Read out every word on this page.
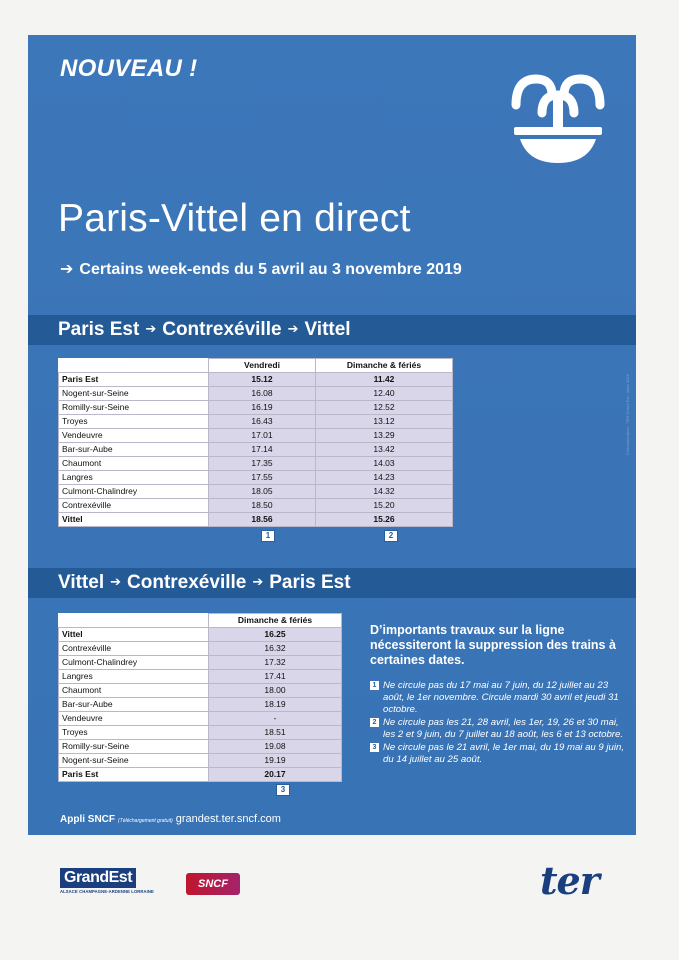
NOUVEAU !
Paris-Vittel en direct
➔ Certains week-ends du 5 avril au 3 novembre 2019
Paris Est ➔ Contrexéville ➔ Vittel
	Vendredi	Dimanche & fériés
Paris Est	15.12	11.42
Nogent-sur-Seine	16.08	12.40
Romilly-sur-Seine	16.19	12.52
Troyes	16.43	13.12
Vendeuvre	17.01	13.29
Bar-sur-Aube	17.14	13.42
Chaumont	17.35	14.03
Langres	17.55	14.23
Culmont-Chalindrey	18.05	14.32
Contrexéville	18.50	15.20
Vittel	18.56	15.26
1	2
Communication - TER Grand Est - Mars 2019
Vittel ➔ Contrexéville ➔ Paris Est
	Dimanche & fériés
Vittel	16.25
Contrexéville	16.32
Culmont-Chalindrey	17.32
Langres	17.41
Chaumont	18.00
Bar-sur-Aube	18.19
Vendeuvre	-
Troyes	18.51
Romilly-sur-Seine	19.08
Nogent-sur-Seine	19.19
Paris Est	20.17
3
D’importants travaux sur la ligne nécessiteront la suppression des trains à certaines dates.
1 Ne circule pas du 17 mai au 7 juin, du 12 juillet au 23 août, le 1er novembre. Circule mardi 30 avril et jeudi 31 octobre.
2 Ne circule pas les 21, 28 avril, les 1er, 19, 26 et 30 mai, les 2 et 9 juin, du 7 juillet au 18 août, les 6 et 13 octobre.
3 Ne circule pas le 21 avril, le 1er mai, du 19 mai au 9 juin, du 14 juillet au 25 août.
Appli SNCF (Téléchargement gratuit) grandest.ter.sncf.com
GrandEst
ALSACE CHAMPAGNE-ARDENNE LORRAINE
SNCF	ter
